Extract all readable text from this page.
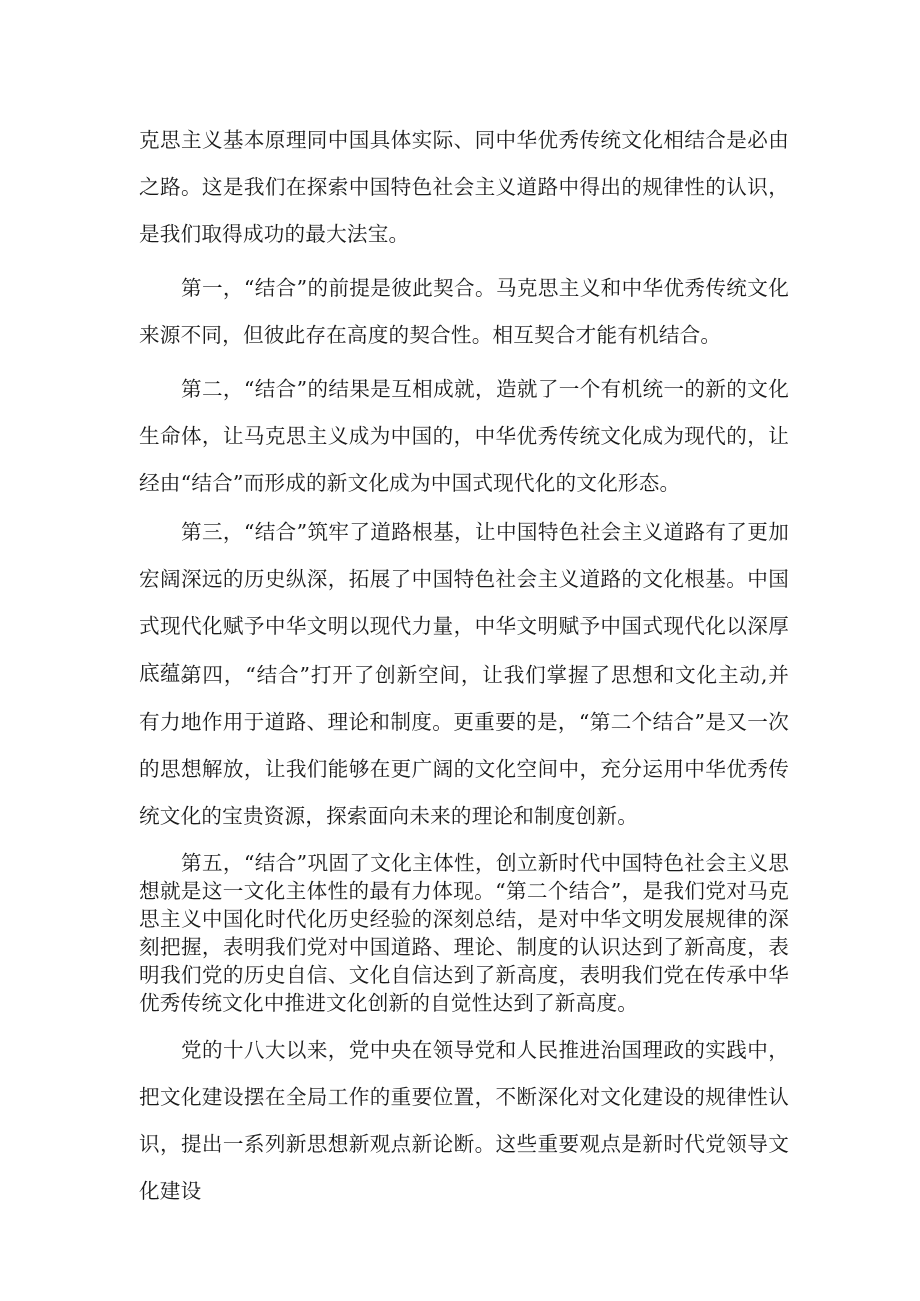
克思主义基本原理同中国具体实际、同中华优秀传统文化相结合是必由之路。这是我们在探索中国特色社会主义道路中得出的规律性的认识，是我们取得成功的最大法宝。

第一，“结合”的前提是彼此契合。马克思主义和中华优秀传统文化来源不同，但彼此存在高度的契合性。相互契合才能有机结合。

第二，“结合”的结果是互相成就，造就了一个有机统一的新的文化生命体，让马克思主义成为中国的，中华优秀传统文化成为现代的，让经由“结合”而形成的新文化成为中国式现代化的文化形态。

第三，“结合”筑牢了道路根基，让中国特色社会主义道路有了更加宏阔深远的历史纵深，拓展了中国特色社会主义道路的文化根基。中国式现代化赋予中华文明以现代力量，中华文明赋予中国式现代化以深厚底蕴。

第四，“结合”打开了创新空间，让我们掌握了思想和文化主动,并有力地作用于道路、理论和制度。更重要的是，“第二个结合”是又一次的思想解放，让我们能够在更广阔的文化空间中，充分运用中华优秀传统文化的宝贵资源，探索面向未来的理论和制度创新。

第五，“结合”巩固了文化主体性，创立新时代中国特色社会主义思想就是这一文化主体性的最有力体现。“第二个结合”，是我们党对马克思主义中国化时代化历史经验的深刻总结，是对中华文明发展规律的深刻把握，表明我们党对中国道路、理论、制度的认识达到了新高度，表明我们党的历史自信、文化自信达到了新高度，表明我们党在传承中华优秀传统文化中推进文化创新的自觉性达到了新高度。

党的十八大以来，党中央在领导党和人民推进治国理政的实践中，把文化建设摆在全局工作的重要位置，不断深化对文化建设的规律性认识，提出一系列新思想新观点新论断。这些重要观点是新时代党领导文化建设
